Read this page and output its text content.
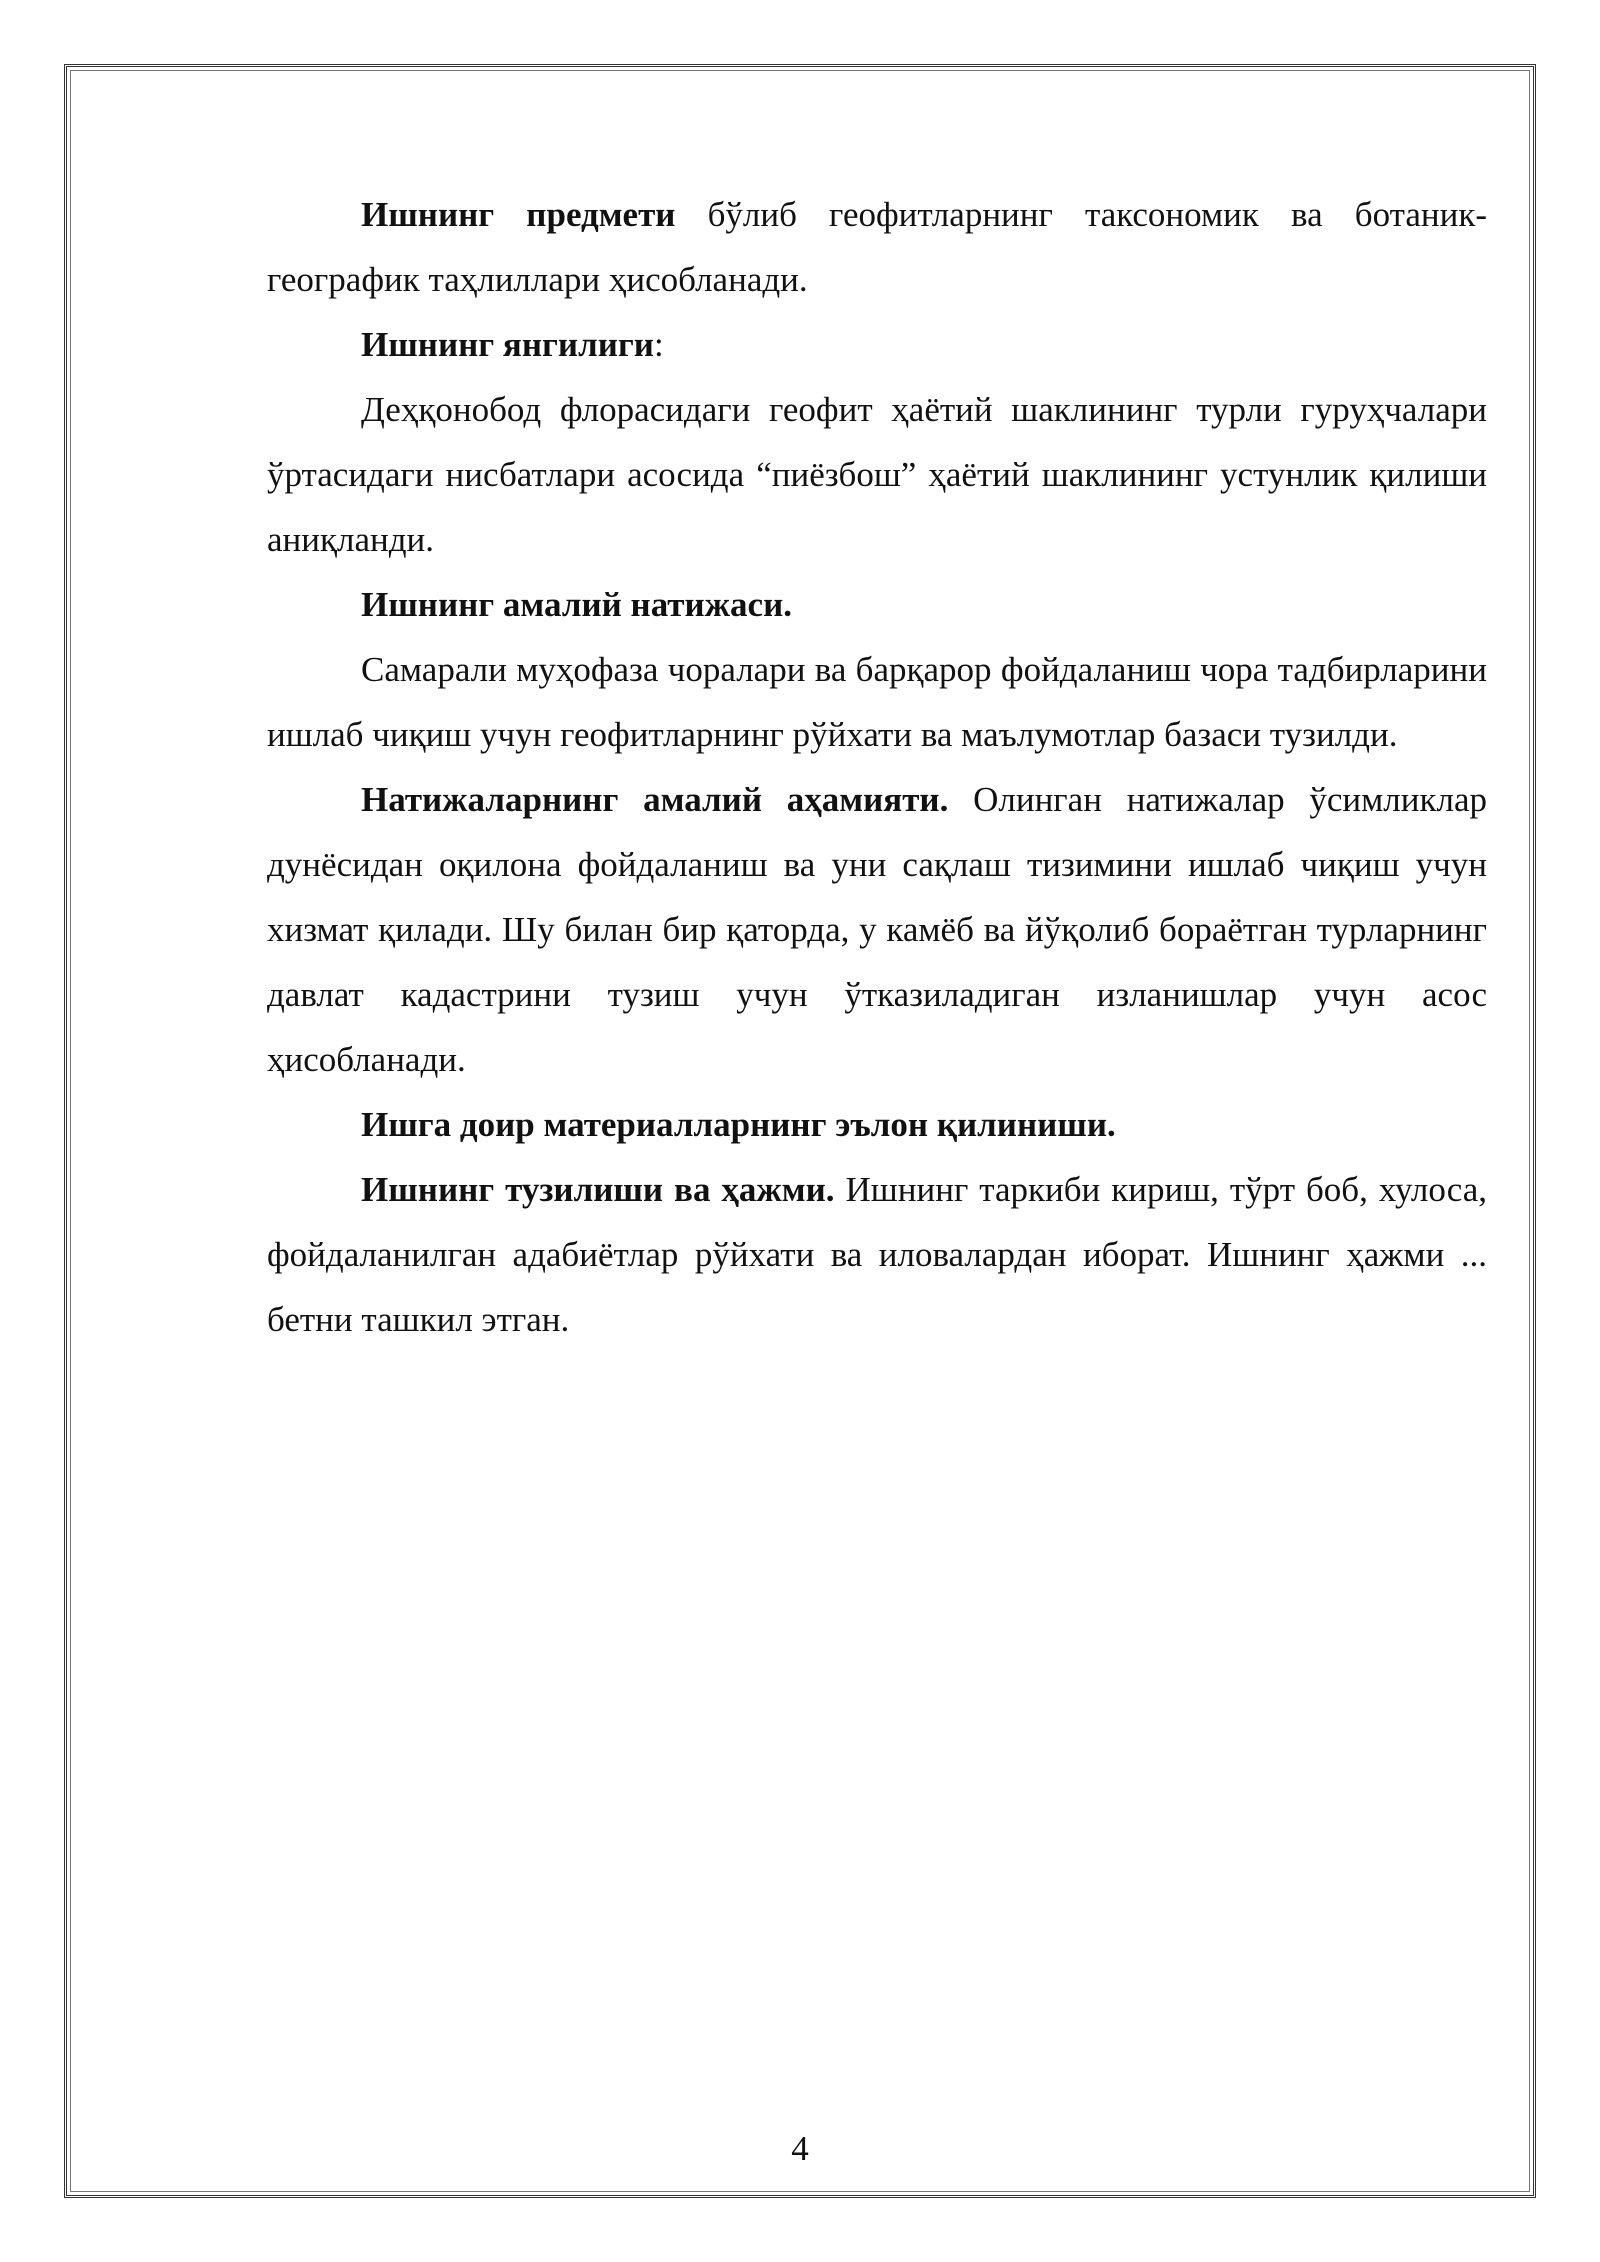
Ишнинг предмети бўлиб геофитларнинг таксономик ва ботаник-географик таҳлиллари ҳисобланади.

Ишнинг янгилиги:

Деҳқонобод флорасидаги геофит ҳаётий шаклининг турли гуруҳчалари ўртасидаги нисбатлари асосида “пиёзбош” ҳаётий шаклининг устунлик қилиши аниқланди.

Ишнинг амалий натижаси.

Самарали муҳофаза чоралари ва барқарор фойдаланиш чора тадбирларини ишлаб чиқиш учун геофитларнинг рўйхати ва маълумотлар базаси тузилди.

Натижаларнинг амалий аҳамияти. Олинган натижалар ўсимликлар дунёсидан оқилона фойдаланиш ва уни сақлаш тизимини ишлаб чиқиш учун хизмат қилади. Шу билан бир қаторда, у камёб ва йўқолиб бораётган турларнинг давлат кадастрини тузиш учун ўтказиладиган изланишлар учун асос ҳисобланади.

Ишга доир материалларнинг эълон қилиниши.

Ишнинг тузилиши ва ҳажми. Ишнинг таркиби кириш, тўрт боб, хулоса, фойдаланилган адабиётлар рўйхати ва иловалардан иборат. Ишнинг ҳажми ... бетни ташкил этган.

4
